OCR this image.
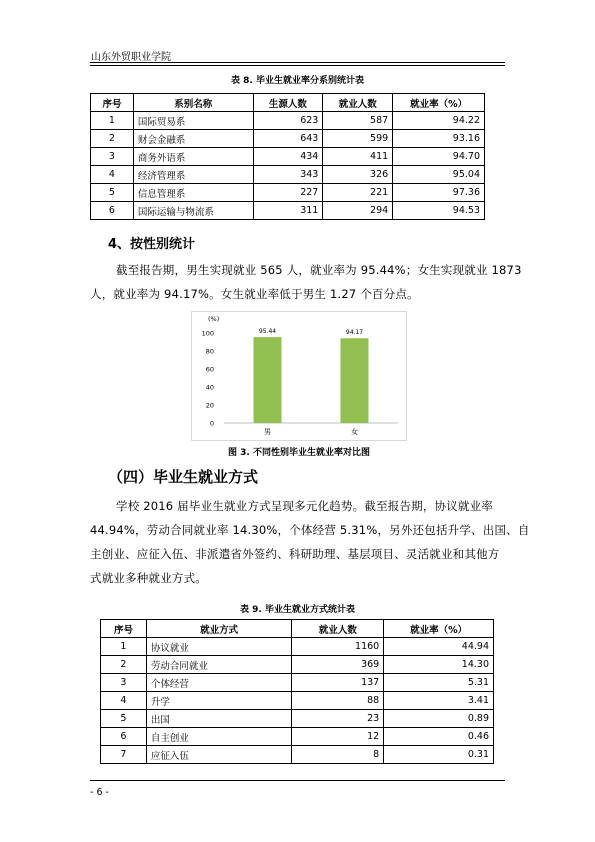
山东外贸职业学院
表 8. 毕业生就业率分系别统计表
序号	系别名称	生源人数	就业人数	就业率（%）
1	国际贸易系	623	587	94.22
2	财会金融系	643	599	93.16
3	商务外语系	434	411	94.70
4	经济管理系	343	326	95.04
5	信息管理系	227	221	97.36
6	国际运输与物流系	311	294	94.53
4、按性别统计
截至报告期，男生实现就业 565 人，就业率为 95.44%；女生实现就业 1873
人，就业率为 94.17%。女生就业率低于男生 1.27 个百分点。
(%)
100
80
60
40
20
0
95.44
男
94.17
女
图 3. 不同性别毕业生就业率对比图
（四）毕业生就业方式
学校 2016 届毕业生就业方式呈现多元化趋势。截至报告期，协议就业率
44.94%，劳动合同就业率 14.30%，个体经营 5.31%，另外还包括升学、出国、自
主创业、应征入伍、非派遣省外签约、科研助理、基层项目、灵活就业和其他方
式就业多种就业方式。
表 9. 毕业生就业方式统计表
序号	就业方式	就业人数	就业率（%）
1	协议就业	1160	44.94
2	劳动合同就业	369	14.30
3	个体经营	137	5.31
4	升学	88	3.41
5	出国	23	0.89
6	自主创业	12	0.46
7	应征入伍	8	0.31
- 6 -
